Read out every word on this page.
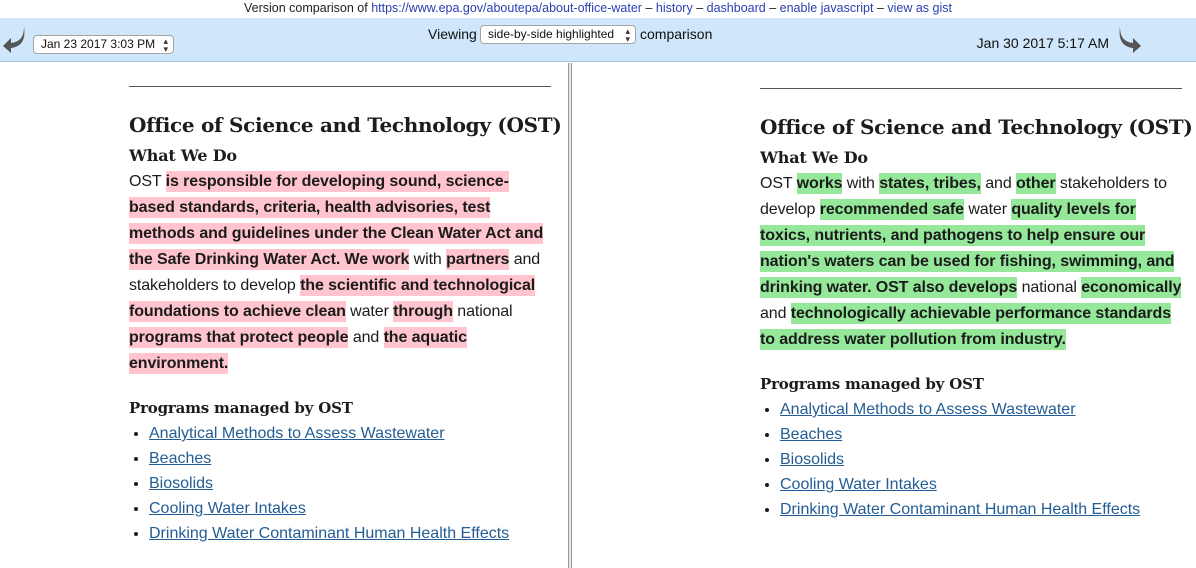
Version comparison of https://www.epa.gov/aboutepa/about-office-water – history – dashboard – enable javascript – view as gist
Jan 23 2017 3:03 PM ▴
▾
Viewing side-by-side highlighted ▴
▾ comparison
Jan 30 2017 5:17 AM
Office of Science and Technology (OST)
What We Do

OST is responsible for developing sound, science-based standards, criteria, health advisories, test methods and guidelines under the Clean Water Act and the Safe Drinking Water Act. We work with partners and stakeholders to develop the scientific and technological foundations to achieve clean water through national programs that protect people and the aquatic environment.

Programs managed by OST
• Analytical Methods to Assess Wastewater
• Beaches
• Biosolids
• Cooling Water Intakes
• Drinking Water Contaminant Human Health Effects
Office of Science and Technology (OST)
What We Do

OST works with states, tribes, and other stakeholders to develop recommended safe water quality levels for toxics, nutrients, and pathogens to help ensure our nation's waters can be used for fishing, swimming, and drinking water. OST also develops national economically and technologically achievable performance standards to address water pollution from industry.

Programs managed by OST
• Analytical Methods to Assess Wastewater
• Beaches
• Biosolids
• Cooling Water Intakes
• Drinking Water Contaminant Human Health Effects
